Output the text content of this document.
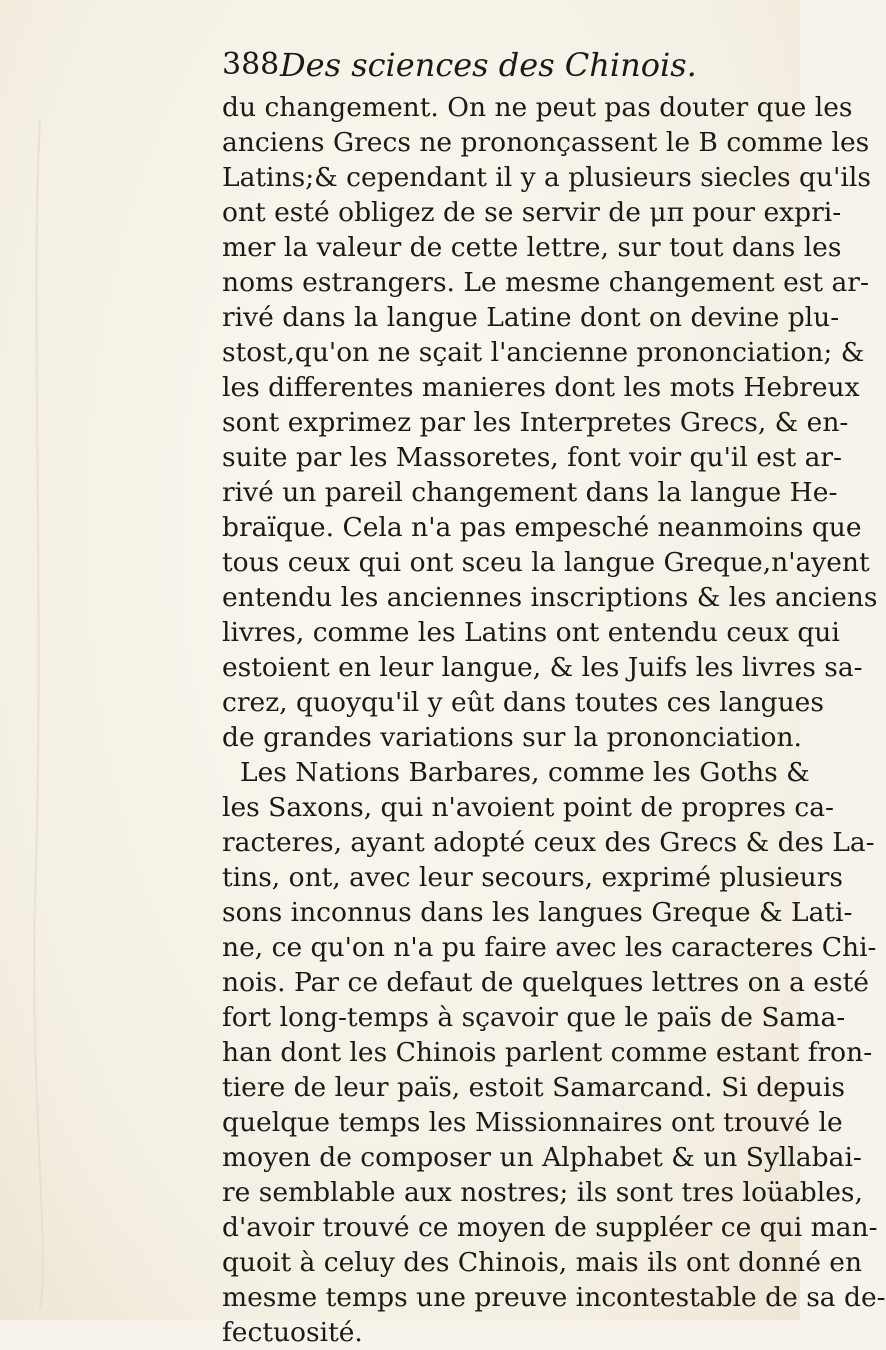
388 Des sciences des Chinois.
du changement. On ne peut pas douter que les
anciens Grecs ne prononçassent le B comme les
Latins;& cependant il y a plusieurs siecles qu'ils
ont esté obligez de se servir de μπ pour expri-
mer la valeur de cette lettre, sur tout dans les
noms estrangers. Le mesme changement est ar-
rivé dans la langue Latine dont on devine plu-
stost,qu'on ne sçait l'ancienne prononciation; &
les differentes manieres dont les mots Hebreux
sont exprimez par les Interpretes Grecs, & en-
suite par les Massoretes, font voir qu'il est ar-
rivé un pareil changement dans la langue He-
braïque. Cela n'a pas empesché neanmoins que
tous ceux qui ont sceu la langue Greque,n'ayent
entendu les anciennes inscriptions & les anciens
livres, comme les Latins ont entendu ceux qui
estoient en leur langue, & les Juifs les livres sa-
crez, quoyqu'il y eût dans toutes ces langues
de grandes variations sur la prononciation.
Les Nations Barbares, comme les Goths &
les Saxons, qui n'avoient point de propres ca-
racteres, ayant adopté ceux des Grecs & des La-
tins, ont, avec leur secours, exprimé plusieurs
sons inconnus dans les langues Greque & Lati-
ne, ce qu'on n'a pu faire avec les caracteres Chi-
nois. Par ce defaut de quelques lettres on a esté
fort long-temps à sçavoir que le païs de Sama-
han dont les Chinois parlent comme estant fron-
tiere de leur païs, estoit Samarcand. Si depuis
quelque temps les Missionnaires ont trouvé le
moyen de composer un Alphabet & un Syllabai-
re semblable aux nostres; ils sont tres loüables,
d'avoir trouvé ce moyen de suppléer ce qui man-
quoit à celuy des Chinois, mais ils ont donné en
mesme temps une preuve incontestable de sa de-
fectuosité.
